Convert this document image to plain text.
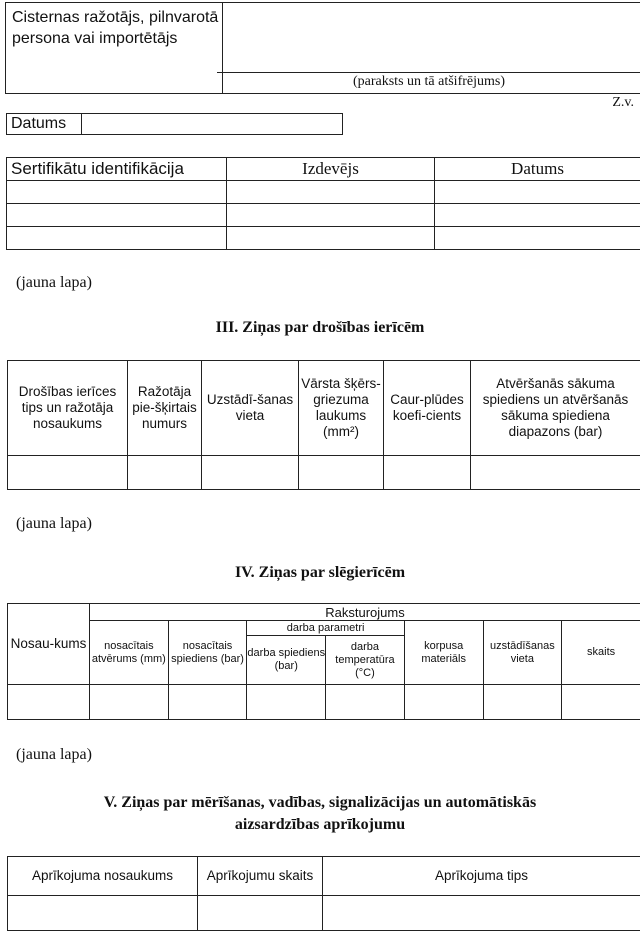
Cisternas ražotājs, pilnvarotā persona vai importētājs	
(paraksts un tā atšifrējums)
Z.v.
Datums	
Sertifikātu identifikācija	Izdevējs	Datums

(jauna lapa)
III. Ziņas par drošības ierīcēm
Drošības ierīces tips un ražotāja nosaukums	Ražotāja pie-šķirtais numurs	Uzstādī-šanas vieta	Vārsta šķērs-griezuma laukums (mm²)	Caur-plūdes koefi-cients	Atvēršanās sākuma spiediens un atvēršanās sākuma spiediena diapazons (bar)

(jauna lapa)
IV. Ziņas par slēgierīcēm
Nosau-kums	Raksturojums						
	nosacītais atvērums (mm)	nosacītais spiediens (bar)	darba parametri		korpusa materiāls	uzstādīšanas vieta	skaits
			darba spiediens (bar)	darba temperatūra (°C)			

(jauna lapa)
V. Ziņas par mērīšanas, vadības, signalizācijas un automātiskās aizsardzības aprīkojumu
Aprīkojuma nosaukums	Aprīkojumu skaits	Aprīkojuma tips
